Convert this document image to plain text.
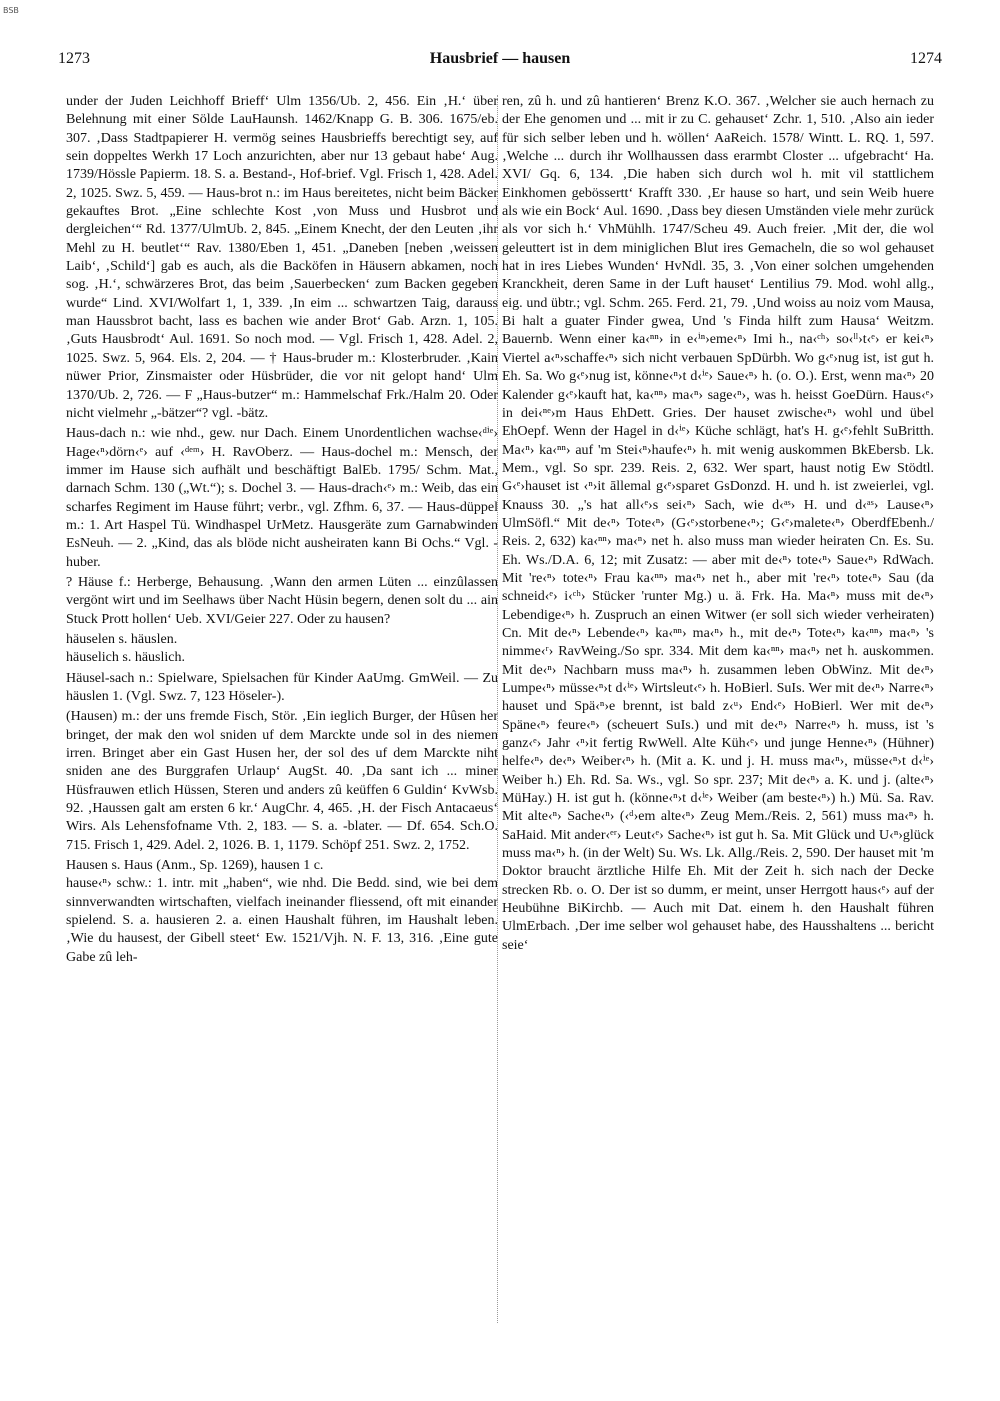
BSB
1273	Hausbrief — hausen	1274

under der Juden Leichhoff Brieff‘ Ulm 1356/Ub. 2, 456. Ein ‚H.‘ über Belehnung mit einer Sölde LauHaunsh. 1462/Knapp G. B. 306. 1675/eb. 307. ‚Dass Stadtpapierer H. vermög seines Hausbrieffs berechtigt sey, auf sein doppeltes Werkh 17 Loch anzurichten, aber nur 13 gebaut habe‘ Aug. 1739/Hössle Papierm. 18. S. a. Bestand-, Hof-brief. Vgl. Frisch 1, 428. Adel. 2, 1025. Swz. 5, 459. — Haus-brot n.: im Haus bereitetes, nicht beim Bäcker gekauftes Brot. „Eine schlechte Kost ‚von Muss und Husbrot und dergleichen‘“ Rd. 1377/UlmUb. 2, 845. „Einem Knecht, der den Leuten ‚ihr Mehl zu H. beutlet‘“ Rav. 1380/Eben 1, 451. „Daneben [neben ‚weissen Laib‘, ‚Schild‘] gab es auch, als die Backöfen in Häusern abkamen, noch sog. ‚H.‘, schwärzeres Brot, das beim ‚Sauerbecken‘ zum Backen gegeben wurde“ Lind. XVI/Wolfart 1, 1, 339. ‚In eim ... schwartzen Taig, darauss man Haussbrot bacht, lass es bachen wie ander Brot‘ Gab. Arzn. 1, 105. ‚Guts Hausbrodt‘ Aul. 1691. So noch mod. — Vgl. Frisch 1, 428. Adel. 2, 1025. Swz. 5, 964. Els. 2, 204. — † Haus-bruder m.: Klosterbruder. ‚Kain nüwer Prior, Zinsmaister oder Hüsbrüder, die vor nit gelopt hand‘ Ulm 1370/Ub. 2, 726. — F „Haus-butzer“ m.: Hammelschaf Frk./Halm 20. Oder nicht vielmehr „-bätzer“? vgl. -bätz.

Haus-dach n.: wie nhd., gew. nur Dach. Einem Unordentlichen wachse‹ᵈⁱᵉ› Hage‹ⁿ›dörn‹ᵉ› auf ‹ᵈᵉᵐ› H. RavOberz. — Haus-dochel m.: Mensch, der immer im Hause sich aufhält und beschäftigt BalEb. 1795/ Schm. Mat., darnach Schm. 130 („Wt.“); s. Dochel 3. — Haus-drach‹ᵉ› m.: Weib, das ein scharfes Regiment im Hause führt; verbr., vgl. Zfhm. 6, 37. — Haus-düppel m.: 1. Art Haspel Tü. Windhaspel UrMetz. Hausgeräte zum Garnabwinden EsNeuh. — 2. „Kind, das als blöde nicht ausheiraten kann Bi Ochs.“ Vgl. -huber.

? Häuse f.: Herberge, Behausung. ‚Wann den armen Lüten ... einzûlassen vergönt wirt und im Seelhaws über Nacht Hüsin begern, denen solt du ... ain Stuck Prott hollen‘ Ueb. XVI/Geier 227. Oder zu hausen?

häuselen s. häuslen.

häuselich s. häuslich.

Häusel-sach n.: Spielware, Spielsachen für Kinder AaUmg. GmWeil. — Zu häuslen 1. (Vgl. Swz. 7, 123 Höseler-).

(Hausen) m.: der uns fremde Fisch, Stör. ‚Ein ieglich Burger, der Hûsen her bringet, der mak den wol sniden uf dem Marckte unde sol in des niemen irren. Bringet aber ein Gast Husen her, der sol des uf dem Marckte niht sniden ane des Burggrafen Urlaup‘ AugSt. 40. ‚Da sant ich ... miner Hüsfrauwen etlich Hüssen, Steren und anders zû keüffen 6 Guldin‘ KvWsb. 92. ‚Haussen galt am ersten 6 kr.‘ AugChr. 4, 465. ‚H. der Fisch Antacaeus‘ Wirs. Als Lehensfofname Vth. 2, 183. — S. a. -blater. — Df. 654. Sch.O. 715. Frisch 1, 429. Adel. 2, 1026. B. 1, 1179. Schöpf 251. Swz. 2, 1752.

Hausen s. Haus (Anm., Sp. 1269), hausen 1 c.

hause‹ⁿ› schw.: 1. intr. mit „haben“, wie nhd. Die Bedd. sind, wie bei dem sinnverwandten wirtschaften, vielfach ineinander fliessend, oft mit einander spielend. S. a. hausieren 2. a. einen Haushalt führen, im Haushalt leben. ‚Wie du hausest, der Gibell steet‘ Ew. 1521/Vjh. N. F. 13, 316. ‚Eine gute Gabe zû leh-

ren, zû h. und zû hantieren‘ Brenz K.O. 367. ‚Welcher sie auch hernach zu der Ehe genomen und ... mit ir zu C. gehauset‘ Zchr. 1, 510. ‚Also ain ieder für sich selber leben und h. wöllen‘ AaReich. 1578/ Wintt. L. RQ. 1, 597. ‚Welche ... durch ihr Wollhaussen dass erarmbt Closter ... ufgebracht‘ Ha. XVI/ Gq. 6, 134. ‚Die haben sich durch wol h. mit vil stattlichem Einkhomen gebössertt‘ Krafft 330. ‚Er hause so hart, und sein Weib huere als wie ein Bock‘ Aul. 1690. ‚Dass bey diesen Umständen viele mehr zurück als vor sich h.‘ VhMühlh. 1747/Scheu 49. Auch freier. ‚Mit der, die wol geleuttert ist in dem miniglichen Blut ires Gemacheln, die so wol gehauset hat in ires Liebes Wunden‘ HvNdl. 35, 3. ‚Von einer solchen umgehenden Kranckheit, deren Same in der Luft hauset‘ Lentilius 79. Mod. wohl allg., eig. und übtr.; vgl. Schm. 265. Ferd. 21, 79. ‚Und woiss au noiz vom Mausa, Bi halt a guater Finder gwea, Und 's Finda hilft zum Hausa‘ Weitzm. Bauernb. Wenn einer ka‹ⁿⁿ› in e‹ⁱⁿ›eme‹ⁿ› Imi h., na‹ᶜʰ› so‹ˡˡ›t‹ᵉ› er kei‹ⁿ› Viertel a‹ⁿ›schaffe‹ⁿ› sich nicht verbauen SpDürbh. Wo g‹ᵉ›nug ist, ist gut h. Eh. Sa. Wo g‹ᵉ›nug ist, könne‹ⁿ›t d‹ⁱᵉ› Saue‹ⁿ› h. (o. O.). Erst, wenn ma‹ⁿ› 20 Kalender g‹ᵉ›kauft hat, ka‹ⁿⁿ› ma‹ⁿ› sage‹ⁿ›, was h. heisst GoeDürn. Haus‹ᵉ› in dei‹ⁿᵉ›m Haus EhDett. Gries. Der hauset zwische‹ⁿ› wohl und übel EhOepf. Wenn der Hagel in d‹ⁱᵉ› Küche schlägt, hat's H. g‹ᵉ›fehlt SuBritth. Ma‹ⁿ› ka‹ⁿⁿ› auf 'm Stei‹ⁿ›haufe‹ⁿ› h. mit wenig auskommen BkEbersb. Lk. Mem., vgl. So spr. 239. Reis. 2, 632. Wer spart, haust notig Ew Stödtl. G‹ᵉ›hauset ist ‹ⁿ›it āllemal g‹ᵉ›sparet GsDonzd. H. und h. ist zweierlei, vgl. Knauss 30. „'s hat all‹ᵉ›s sei‹ⁿ› Sach, wie d‹ᵃˢ› H. und d‹ᵃˢ› Lause‹ⁿ› UlmSöfl.“ Mit de‹ⁿ› Tote‹ⁿ› (G‹ᵉ›storbene‹ⁿ›; G‹ᵉ›malete‹ⁿ› OberdfEbenh./ Reis. 2, 632) ka‹ⁿⁿ› ma‹ⁿ› net h. also muss man wieder heiraten Cn. Es. Su. Eh. Ws./D.A. 6, 12; mit Zusatz: — aber mit de‹ⁿ› tote‹ⁿ› Saue‹ⁿ› RdWach. Mit 're‹ⁿ› tote‹ⁿ› Frau ka‹ⁿⁿ› ma‹ⁿ› net h., aber mit 're‹ⁿ› tote‹ⁿ› Sau (da schneid‹ᵉ› i‹ᶜʰ› Stücker 'runter Mg.) u. ä. Frk. Ha. Ma‹ⁿ› muss mit de‹ⁿ› Lebendige‹ⁿ› h. Zuspruch an einen Witwer (er soll sich wieder verheiraten) Cn. Mit de‹ⁿ› Lebende‹ⁿ› ka‹ⁿⁿ› ma‹ⁿ› h., mit de‹ⁿ› Tote‹ⁿ› ka‹ⁿⁿ› ma‹ⁿ› 's nimme‹ʳ› RavWeing./So spr. 334. Mit dem ka‹ⁿⁿ› ma‹ⁿ› net h. auskommen. Mit de‹ⁿ› Nachbarn muss ma‹ⁿ› h. zusammen leben ObWinz. Mit de‹ⁿ› Lumpe‹ⁿ› müsse‹ⁿ›t d‹ⁱᵉ› Wirtsleut‹ᵉ› h. HoBierl. SuIs. Wer mit de‹ⁿ› Narre‹ⁿ› hauset und Spä‹ⁿ›e brennt, ist bald z‹ᵘ› End‹ᵉ› HoBierl. Wer mit de‹ⁿ› Späne‹ⁿ› feure‹ⁿ› (scheuert SuIs.) und mit de‹ⁿ› Narre‹ⁿ› h. muss, ist 's ganz‹ᵉ› Jahr ‹ⁿ›it fertig RwWell. Alte Küh‹ᵉ› und junge Henne‹ⁿ› (Hühner) helfe‹ⁿ› de‹ⁿ› Weiber‹ⁿ› h. (Mit a. K. und j. H. muss ma‹ⁿ›, müsse‹ⁿ›t d‹ⁱᵉ› Weiber h.) Eh. Rd. Sa. Ws., vgl. So spr. 237; Mit de‹ⁿ› a. K. und j. (alte‹ⁿ› MüHay.) H. ist gut h. (könne‹ⁿ›t d‹ⁱᵉ› Weiber (am beste‹ⁿ›) h.) Mü. Sa. Rav. Mit alte‹ⁿ› Sache‹ⁿ› (‹ᵈ›em alte‹ⁿ› Zeug Mem./Reis. 2, 561) muss ma‹ⁿ› h. SaHaid. Mit ander‹ᵉʳ› Leut‹ᵉ› Sache‹ⁿ› ist gut h. Sa. Mit Glück und U‹ⁿ›glück muss ma‹ⁿ› h. (in der Welt) Su. Ws. Lk. Allg./Reis. 2, 590. Der hauset mit 'm Doktor braucht ärztliche Hilfe Eh. Mit der Zeit h. sich nach der Decke strecken Rb. o. O. Der ist so dumm, er meint, unser Herrgott haus‹ᵉ› auf der Heubühne BiKirchb. — Auch mit Dat. einem h. den Haushalt führen UlmErbach. ‚Der ime selber wol gehauset habe, des Hausshaltens ... bericht seie‘
